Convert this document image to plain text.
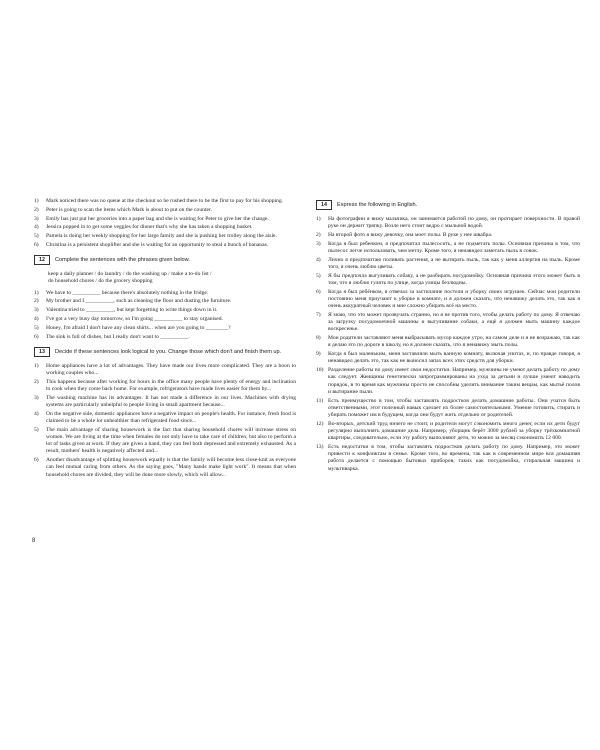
1)	Mark noticed there was no queue at the checkout so he rushed there to be the first to pay for his shopping.
2)	Peter is going to scan the items which Mark is about to put on the counter.
3)	Emily has just put her groceries into a paper bag and she is waiting for Peter to give her the change.
4)	Jessica popped in to get some veggies for dinner that's why she has taken a shopping basket.
5)	Pamela is doing her weekly shopping for her large family and she is pushing her trolley along the aisle.
6)	Christina is a persistent shoplifter and she is waiting for an opportunity to steal a bunch of bananas.
12	Complete the sentences with the phrases given below.
keep a daily planner / do laundry / do the washing up / make a to-do list /
do household chores / do the grocery shopping
1)	We have to __________ because there's absolutely nothing in the fridge.
2)	My brother and I __________, such as cleaning the floor and dusting the furniture.
3)	Valentina tried to __________, but kept forgetting to write things down in it.
4)	I've got a very busy day tomorrow, so I'm going __________ to stay organised.
5)	Honey, I'm afraid I don't have any clean shirts... when are you going to ________?
6)	The sink is full of dishes, but I really don't want to __________.
13	Decide if these sentences look logical to you. Change those which don't and finish them up.
1)	Home appliances have a lot of advantages. They have made our lives more complicated. They are a boon to working couples who...
2)	This happens because after working for hours in the office many people have plenty of energy and inclination to cook when they come back home. For example, refrigerators have made lives easier for them by...
3)	The washing machine has its advantages. It has not made a difference in our lives. Machines with drying systems are particularly unhelpful to people living in small apartment because...
4)	On the negative side, domestic appliances have a negative impact on people's health. For instance, fresh food is claimed to be a whole lot unhealthier than refrigerated food since...
5)	The main advantage of sharing housework is the fact that sharing household chores will increase stress on women. We are living at the time when females do not only have to take care of children, but also to perform a lot of tasks given at work. If they are given a hand, they can feel both depressed and extremely exhausted. As a result, mothers' health is negatively affected and...
6)	Another disadvantage of splitting housework equally is that the family will become less close-knit as everyone can feel mutual caring from others. As the saying goes, "Many hands make light work". It means that when household chores are divided, they will be done more slowly, which will allow...
8
14	Express the following in English.
1)	На фотографии я вижу мальчика, он занимается работой по дому, он протирает поверхности. В правой руке он держит тряпку. Возле него стоит ведро с мыльной водой.
2)	На второй фото я вижу девочку, она моет полы. В руке у нее швабра.
3)	Когда я был ребенком, я предпочитал пылесосить, а не подметать полы. Основная причина в том, что пылесос легче использовать, чем метлу. Кроме того, я ненавидел заметать пыль в совок.
4)	Лично я предпочитаю поливать растения, а не вытирать пыль, так как у меня аллергия на пыль. Кроме того, я очень люблю цветы.
5)	Я бы предпочла выгуливать собаку, а не разбирать посудомойку. Основная причина этого может быть в том, что я люблю гулять по улице, когда улицы безлюдны.
6)	Когда я был ребёнком, я отвечал за застилание постели и уборку своих игрушек. Сейчас мои родители постоянно меня приучают к уборке в комнате, и я должен сказать, что ненавижу делать это, так как я очень аккуратный человек и мне сложно убирать всё на место.
7)	Я знаю, что это может прозвучать странно, но я не против того, чтобы делать работу по дому. Я отвечаю за загрузку посудомоечной машины и выгуливание собаки, а ещё я должен мыть машину каждое воскресенье.
8)	Мои родители заставляют меня выбрасывать мусор каждое утро, на самом деле и я не возражаю, так как я делаю это по дороге в школу, но я должен сказать, что я ненавижу мыть полы.
9)	Когда я был маленьким, меня заставляли мыть ванную комнату, включая унитаз, и, по правде говоря, я ненавидел делать это, так как не выносил запах всех этих средств для уборки.
10) Разделение работы по дому имеет свои недостатки. Например, мужчины не умеют делать работу по дому как следует. Женщины генетически запрограммированы на уход за детьми и лучше умеют наводить порядок, в то время как мужчины просто не способны уделить внимание таким вещам, как мытьё полов и вытирание пыли.
11) Есть преимущество в том, чтобы заставлять подростков делать домашние работы. Они учатся быть ответственными, этот полезный навык сделает их более самостоятельными. Умение готовить, стирать и убирать поможет им в будущем, когда они будут жить отдельно от родителей.
12) Во-вторых, детский труд ничего не стоит, и родители могут сэкономить много денег, если их дети будут регулярно выполнять домашние дела. Например, уборщик берёт 3000 рублей за уборку трёхкомнатной квартиры, следовательно, если эту работу выполняют дети, то можно за месяц сэкономить 12 000.
13) Есть недостатки в том, чтобы заставлять подростков делать работу по дому. Например, это может привести к конфликтам в семье. Кроме того, во времена, так как в современном мире вся домашняя работа делается с помощью бытовых приборов, таких как посудомойка, стиральная машина и мультиварка.
